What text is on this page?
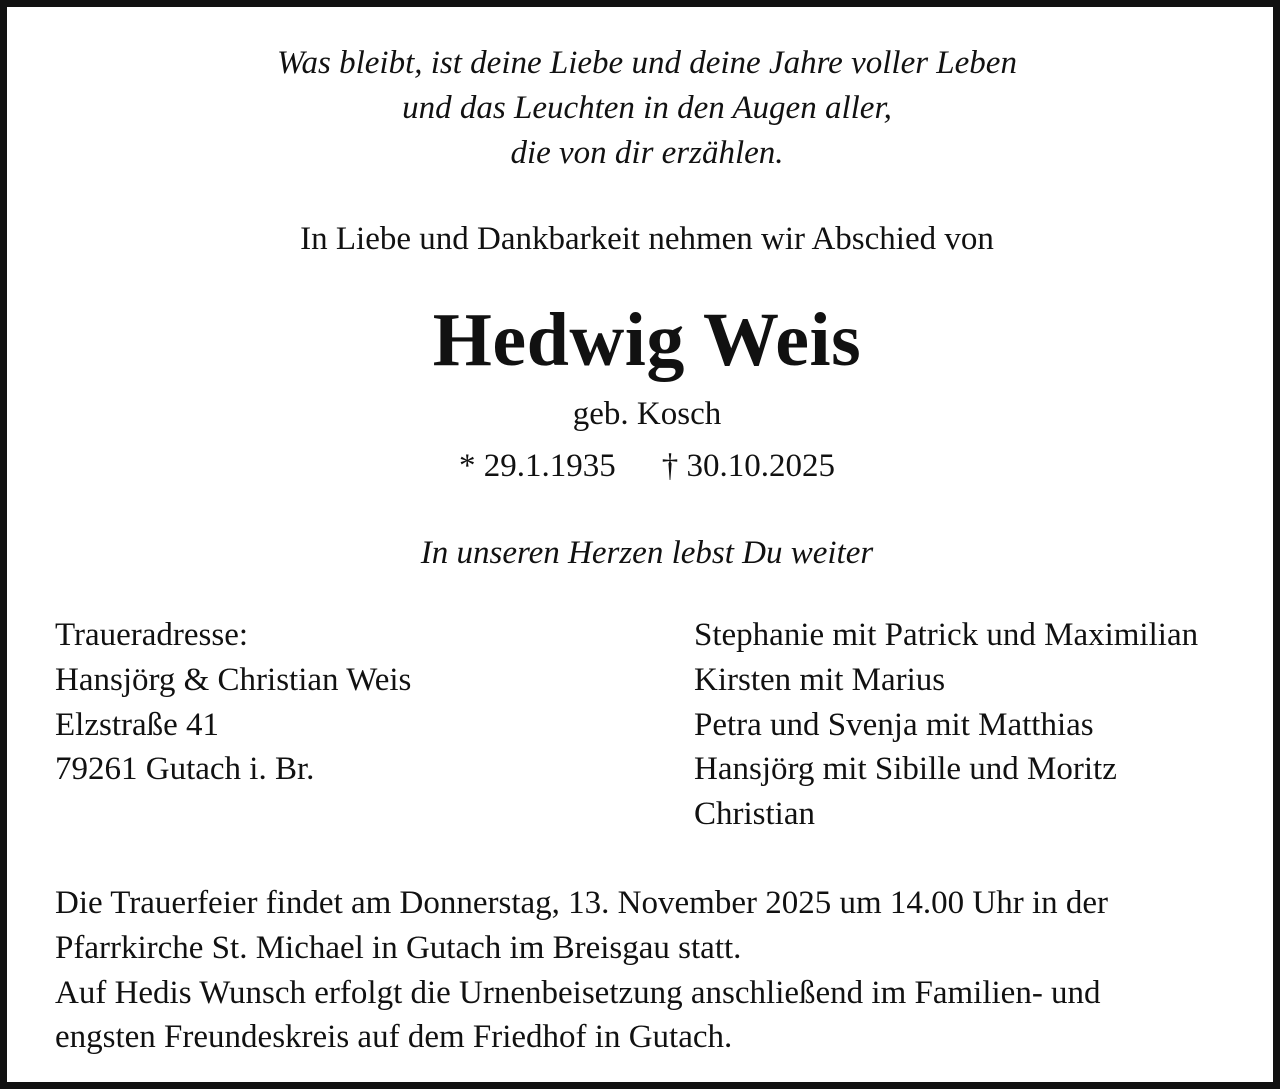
Was bleibt, ist deine Liebe und deine Jahre voller Leben
und das Leuchten in den Augen aller,
die von dir erzählen.
In Liebe und Dankbarkeit nehmen wir Abschied von
Hedwig Weis
geb. Kosch
* 29.1.1935 † 30.10.2025
In unseren Herzen lebst Du weiter
Traueradresse:
Hansjörg & Christian Weis
Elzstraße 41
79261 Gutach i. Br.
Stephanie mit Patrick und Maximilian
Kirsten mit Marius
Petra und Svenja mit Matthias
Hansjörg mit Sibille und Moritz
Christian
Die Trauerfeier findet am Donnerstag, 13. November 2025 um 14.00 Uhr in der
Pfarrkirche St. Michael in Gutach im Breisgau statt.
Auf Hedis Wunsch erfolgt die Urnenbeisetzung anschließend im Familien- und
engsten Freundeskreis auf dem Friedhof in Gutach.
